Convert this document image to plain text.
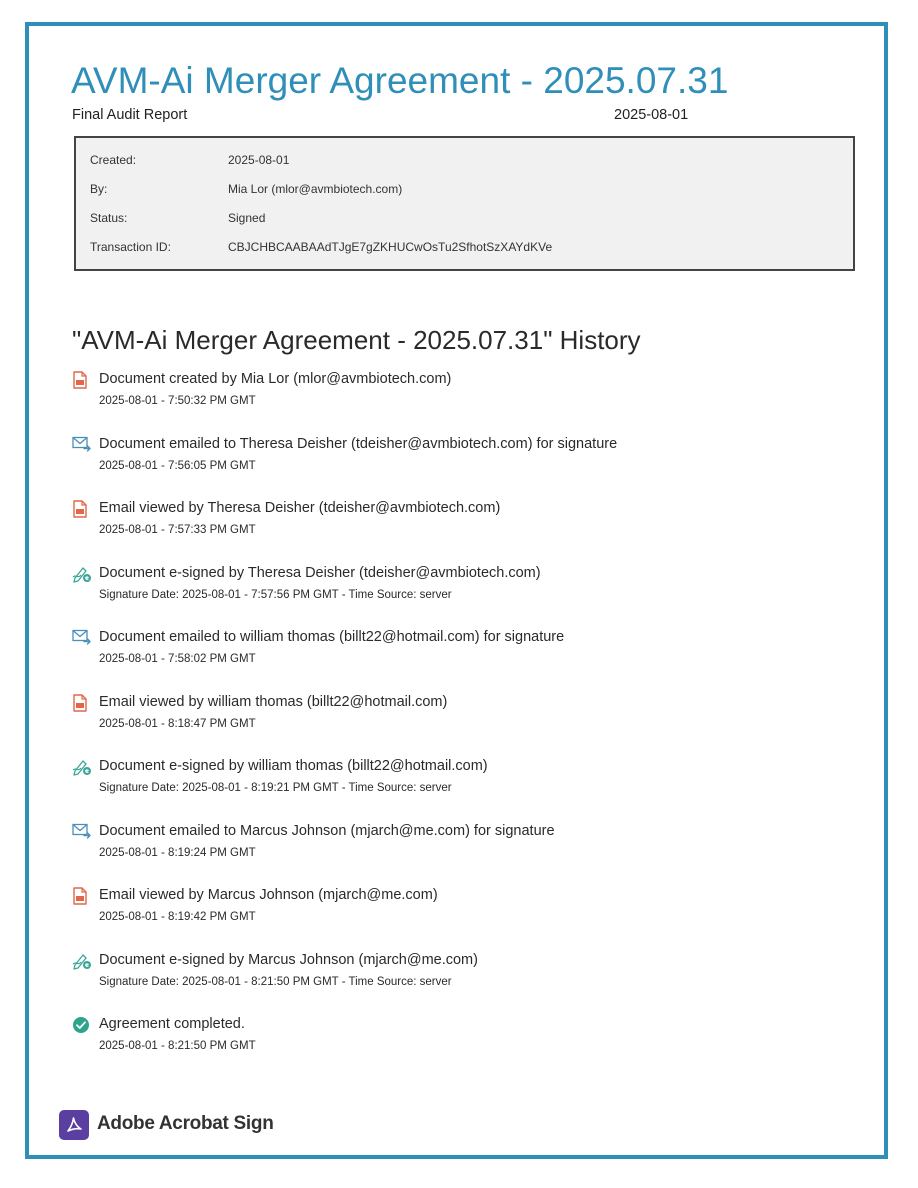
AVM-Ai Merger Agreement - 2025.07.31
Final Audit Report	2025-08-01
Created:	2025-08-01
By:	Mia Lor (mlor@avmbiotech.com)
Status:	Signed
Transaction ID:	CBJCHBCAABAAdTJgE7gZKHUCwOsTu2SfhotSzXAYdKVe
"AVM-Ai Merger Agreement - 2025.07.31" History
Document created by Mia Lor (mlor@avmbiotech.com)
2025-08-01 - 7:50:32 PM GMT
Document emailed to Theresa Deisher (tdeisher@avmbiotech.com) for signature
2025-08-01 - 7:56:05 PM GMT
Email viewed by Theresa Deisher (tdeisher@avmbiotech.com)
2025-08-01 - 7:57:33 PM GMT
Document e-signed by Theresa Deisher (tdeisher@avmbiotech.com)
Signature Date: 2025-08-01 - 7:57:56 PM GMT - Time Source: server
Document emailed to william thomas (billt22@hotmail.com) for signature
2025-08-01 - 7:58:02 PM GMT
Email viewed by william thomas (billt22@hotmail.com)
2025-08-01 - 8:18:47 PM GMT
Document e-signed by william thomas (billt22@hotmail.com)
Signature Date: 2025-08-01 - 8:19:21 PM GMT - Time Source: server
Document emailed to Marcus Johnson (mjarch@me.com) for signature
2025-08-01 - 8:19:24 PM GMT
Email viewed by Marcus Johnson (mjarch@me.com)
2025-08-01 - 8:19:42 PM GMT
Document e-signed by Marcus Johnson (mjarch@me.com)
Signature Date: 2025-08-01 - 8:21:50 PM GMT - Time Source: server
Agreement completed.
2025-08-01 - 8:21:50 PM GMT
Adobe Acrobat Sign
